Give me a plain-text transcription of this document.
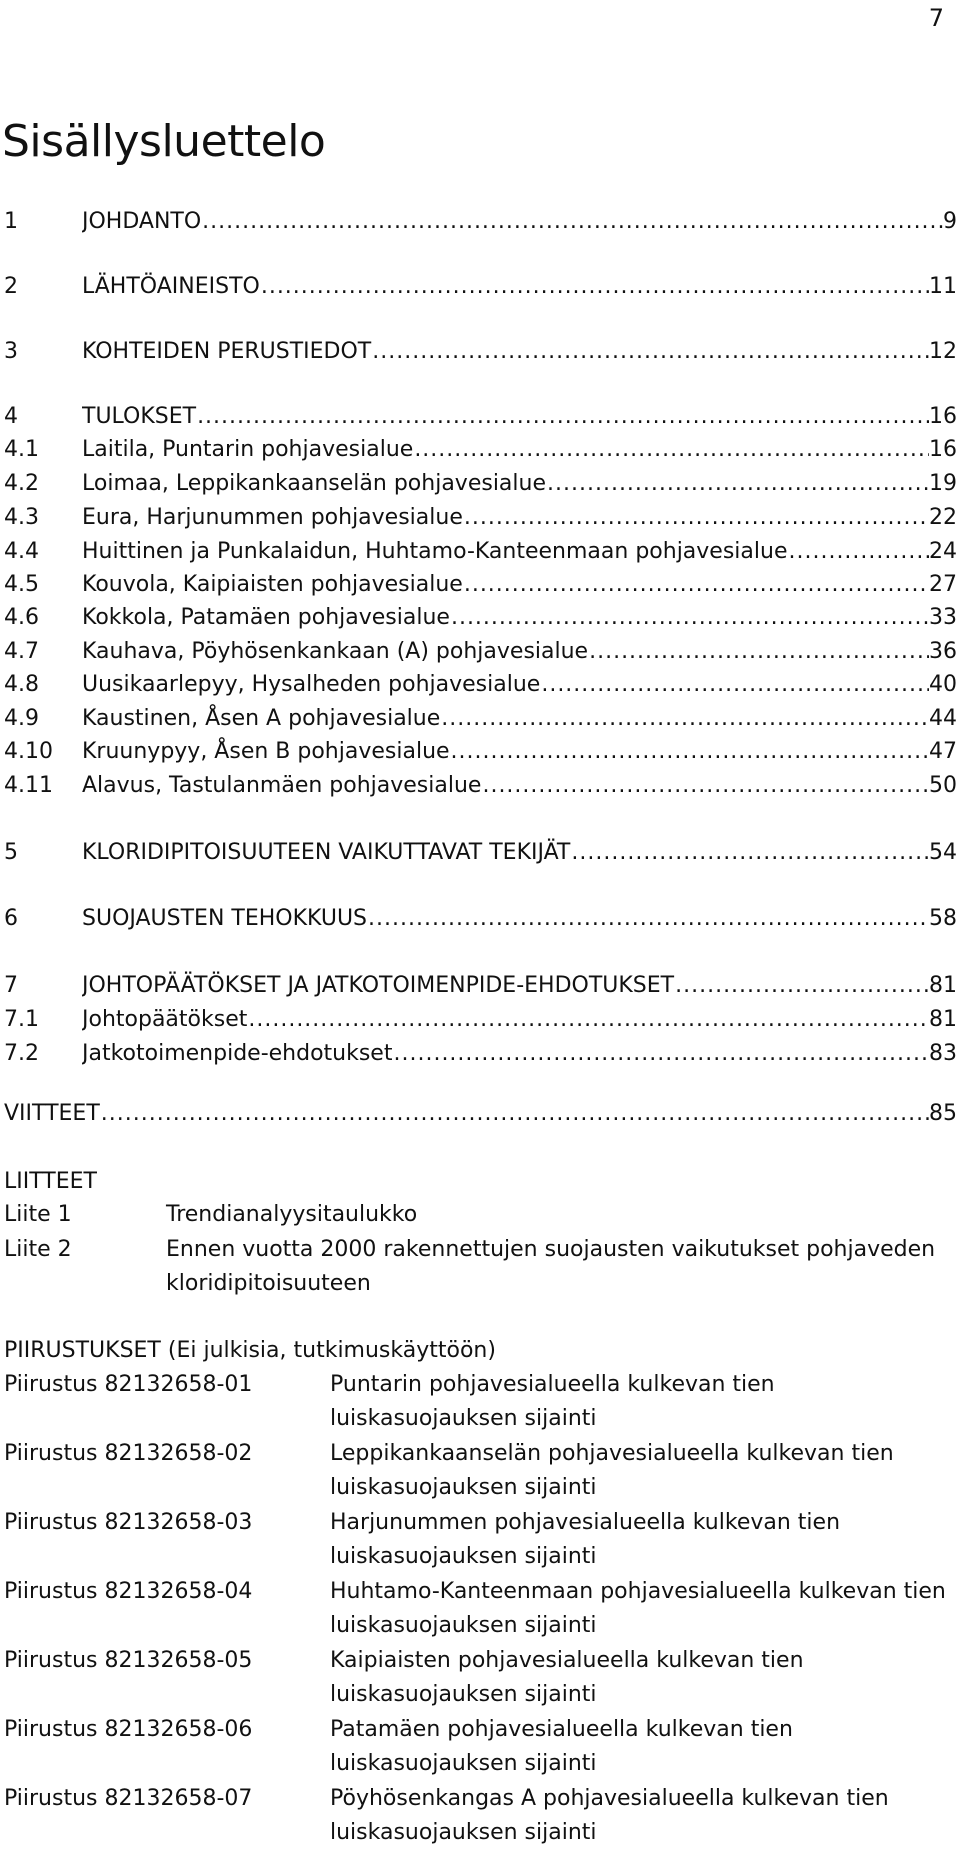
7
Sisällysluettelo
1	JOHDANTO .....	9
2	LÄHTÖAINEISTO .....	11
3	KOHTEIDEN PERUSTIEDOT .....	12
4	TULOKSET .....	16
4.1 Laitila, Puntarin pohjavesialue .....	16
4.2 Loimaa, Leppikankaanselän pohjavesialue .....	19
4.3 Eura, Harjunummen pohjavesialue .....	22
4.4 Huittinen ja Punkalaidun, Huhtamo-Kanteenmaan pohjavesialue .....	24
4.5 Kouvola, Kaipiaisten pohjavesialue .....	27
4.6 Kokkola, Patamäen pohjavesialue .....	33
4.7 Kauhava, Pöyhösenkankaan (A) pohjavesialue .....	36
4.8 Uusikaarlepyy, Hysalheden pohjavesialue .....	40
4.9 Kaustinen, Åsen A pohjavesialue .....	44
4.10 Kruunypyy, Åsen B pohjavesialue .....	47
4.11 Alavus, Tastulanmäen pohjavesialue .....	50
5	KLORIDIPITOISUUTEEN VAIKUTTAVAT TEKIJÄT .....	54
6	SUOJAUSTEN TEHOKKUUS .....	58
7	JOHTOPÄÄTÖKSET JA JATKOTOIMENPIDE-EHDOTUKSET .....	81
7.1 Johtopäätökset .....	81
7.2 Jatkotoimenpide-ehdotukset .....	83
VIITTEET .....	85
LIITTEET
Liite 1	Trendianalyysitaulukko
Liite 2	Ennen vuotta 2000 rakennettujen suojausten vaikutukset pohjaveden kloridipitoisuuteen
PIIRUSTUKSET (Ei julkisia, tutkimuskäyttöön)
Piirustus 82132658-01	Puntarin pohjavesialueella kulkevan tien
luiskasuojauksen sijainti
Piirustus 82132658-02	Leppikankaanselän pohjavesialueella kulkevan tien
luiskasuojauksen sijainti
Piirustus 82132658-03	Harjunummen pohjavesialueella kulkevan tien
luiskasuojauksen sijainti
Piirustus 82132658-04	Huhtamo-Kanteenmaan pohjavesialueella kulkevan tien
luiskasuojauksen sijainti
Piirustus 82132658-05	Kaipiaisten pohjavesialueella kulkevan tien
luiskasuojauksen sijainti
Piirustus 82132658-06	Patamäen pohjavesialueella kulkevan tien
luiskasuojauksen sijainti
Piirustus 82132658-07	Pöyhösenkangas A pohjavesialueella kulkevan tien
luiskasuojauksen sijainti
